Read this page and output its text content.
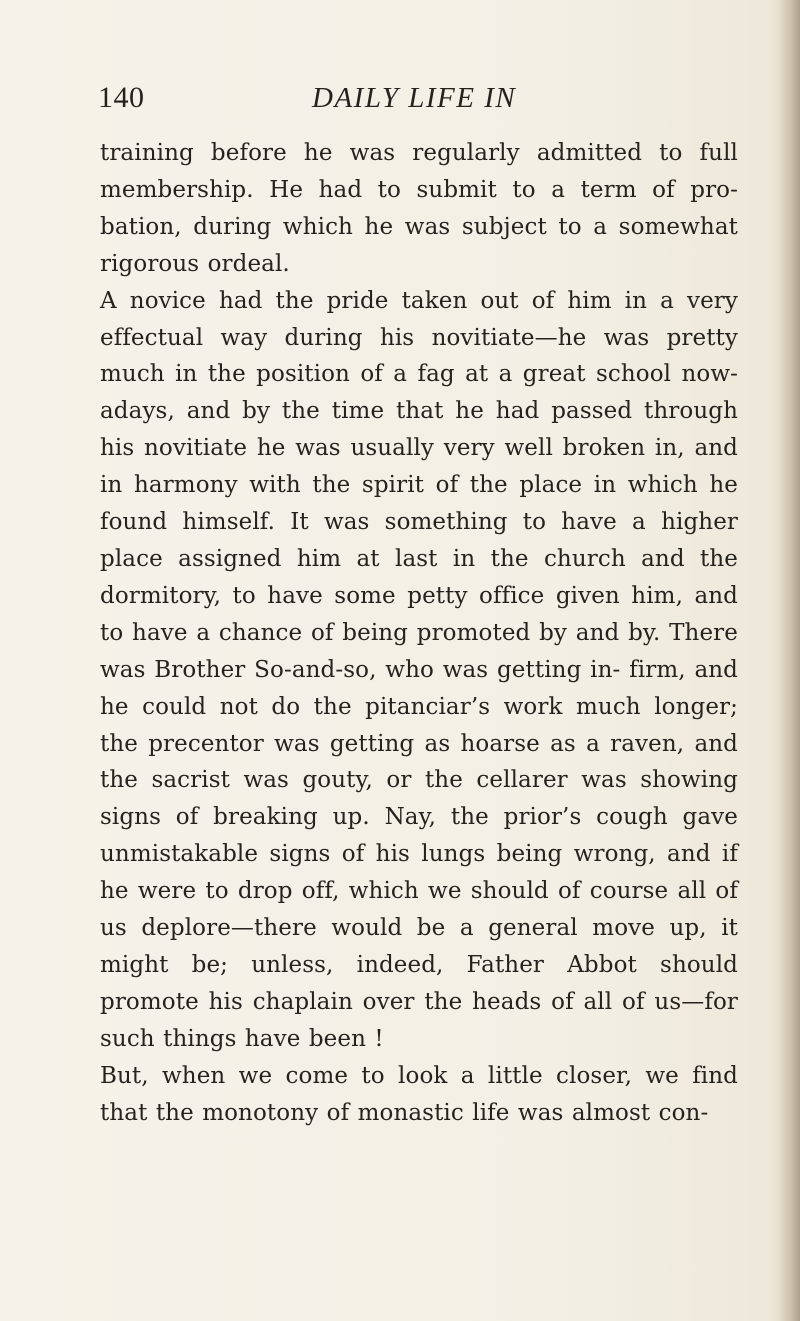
140	DAILY LIFE IN

training before he was regularly admitted to full membership. He had to submit to a term of pro- bation, during which he was subject to a somewhat rigorous ordeal.

A novice had the pride taken out of him in a very effectual way during his novitiate—he was pretty much in the position of a fag at a great school now- adays, and by the time that he had passed through his novitiate he was usually very well broken in, and in harmony with the spirit of the place in which he found himself. It was something to have a higher place assigned him at last in the church and the dormitory, to have some petty office given him, and to have a chance of being promoted by and by. There was Brother So-and-so, who was getting in- firm, and he could not do the pitanciar’s work much longer; the precentor was getting as hoarse as a raven, and the sacrist was gouty, or the cellarer was showing signs of breaking up. Nay, the prior’s cough gave unmistakable signs of his lungs being wrong, and if he were to drop off, which we should of course all of us deplore—there would be a general move up, it might be; unless, indeed, Father Abbot should promote his chaplain over the heads of all of us—for such things have been !

But, when we come to look a little closer, we find that the monotony of monastic life was almost con-
